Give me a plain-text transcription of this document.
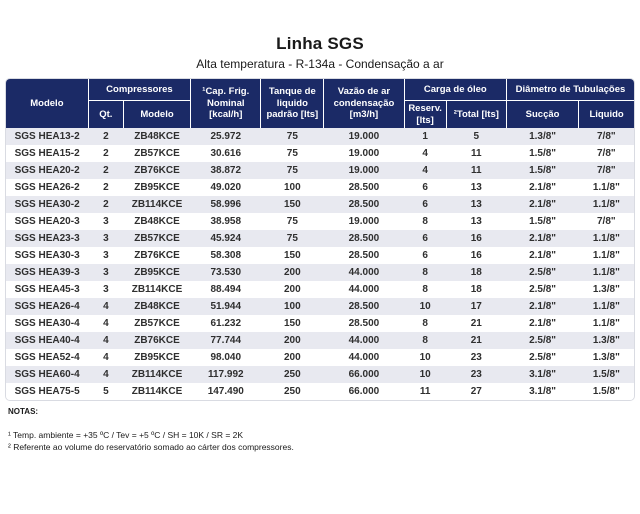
Linha SGS
Alta temperatura - R-134a - Condensação a ar
Modelo	Compressores		¹Cap. Frig. Nominal [kcal/h]	Tanque de liquido padrão [lts]	Vazão de ar condensação [m3/h]	Carga de óleo		Diâmetro de Tubulações	
	Qt.	Modelo				Reserv. [lts]	²Total [lts]	Sucção	Liquido
SGS HEA13-2	2	ZB48KCE	25.972	75	19.000	1	5	1.3/8"	7/8"
SGS HEA15-2	2	ZB57KCE	30.616	75	19.000	4	11	1.5/8"	7/8"
SGS HEA20-2	2	ZB76KCE	38.872	75	19.000	4	11	1.5/8"	7/8"
SGS HEA26-2	2	ZB95KCE	49.020	100	28.500	6	13	2.1/8"	1.1/8"
SGS HEA30-2	2	ZB114KCE	58.996	150	28.500	6	13	2.1/8"	1.1/8"
SGS HEA20-3	3	ZB48KCE	38.958	75	19.000	8	13	1.5/8"	7/8"
SGS HEA23-3	3	ZB57KCE	45.924	75	28.500	6	16	2.1/8"	1.1/8"
SGS HEA30-3	3	ZB76KCE	58.308	150	28.500	6	16	2.1/8"	1.1/8"
SGS HEA39-3	3	ZB95KCE	73.530	200	44.000	8	18	2.5/8"	1.1/8"
SGS HEA45-3	3	ZB114KCE	88.494	200	44.000	8	18	2.5/8"	1.3/8"
SGS HEA26-4	4	ZB48KCE	51.944	100	28.500	10	17	2.1/8"	1.1/8"
SGS HEA30-4	4	ZB57KCE	61.232	150	28.500	8	21	2.1/8"	1.1/8"
SGS HEA40-4	4	ZB76KCE	77.744	200	44.000	8	21	2.5/8"	1.3/8"
SGS HEA52-4	4	ZB95KCE	98.040	200	44.000	10	23	2.5/8"	1.3/8"
SGS HEA60-4	4	ZB114KCE	117.992	250	66.000	10	23	3.1/8"	1.5/8"
SGS HEA75-5	5	ZB114KCE	147.490	250	66.000	11	27	3.1/8"	1.5/8"
NOTAS:
¹ Temp. ambiente = +35 ºC / Tev = +5 ºC / SH = 10K / SR = 2K
² Referente ao volume do reservatório somado ao cárter dos compressores.
